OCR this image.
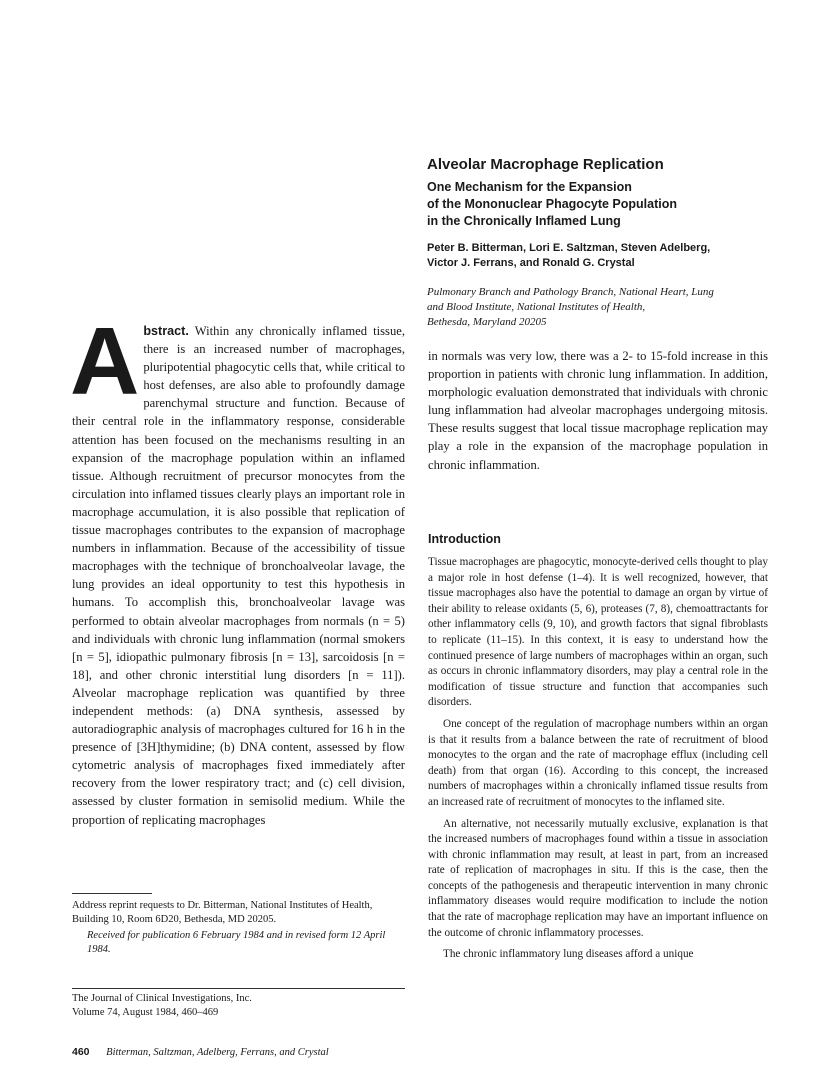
Alveolar Macrophage Replication
One Mechanism for the Expansion
of the Mononuclear Phagocyte Population
in the Chronically Inflamed Lung
Peter B. Bitterman, Lori E. Saltzman, Steven Adelberg,
Victor J. Ferrans, and Ronald G. Crystal
Pulmonary Branch and Pathology Branch, National Heart, Lung
and Blood Institute, National Institutes of Health,
Bethesda, Maryland 20205
Abstract. Within any chronically inflamed tissue, there is an increased number of macrophages, pluripotential phagocytic cells that, while critical to host defenses, are also able to profoundly damage parenchymal structure and function. Because of their central role in the inflammatory response, considerable attention has been focused on the mechanisms resulting in an expansion of the macrophage population within an inflamed tissue. Although recruitment of precursor monocytes from the circulation into inflamed tissues clearly plays an important role in macrophage accumulation, it is also possible that replication of tissue macrophages contributes to the expansion of macrophage numbers in inflammation. Because of the accessibility of tissue macrophages with the technique of bronchoalveolar lavage, the lung provides an ideal opportunity to test this hypothesis in humans. To accomplish this, bronchoalveolar lavage was performed to obtain alveolar macrophages from normals (n = 5) and individuals with chronic lung inflammation (normal smokers [n = 5], idiopathic pulmonary fibrosis [n = 13], sarcoidosis [n = 18], and other chronic interstitial lung disorders [n = 11]). Alveolar macrophage replication was quantified by three independent methods: (a) DNA synthesis, assessed by autoradiographic analysis of macrophages cultured for 16 h in the presence of [3H]thymidine; (b) DNA content, assessed by flow cytometric analysis of macrophages fixed immediately after recovery from the lower respiratory tract; and (c) cell division, assessed by cluster formation in semisolid medium. While the proportion of replicating macrophages
in normals was very low, there was a 2- to 15-fold increase in this proportion in patients with chronic lung inflammation. In addition, morphologic evaluation demonstrated that individuals with chronic lung inflammation had alveolar macrophages undergoing mitosis. These results suggest that local tissue macrophage replication may play a role in the expansion of the macrophage population in chronic inflammation.
Introduction

Tissue macrophages are phagocytic, monocyte-derived cells thought to play a major role in host defense (1–4). It is well recognized, however, that tissue macrophages also have the potential to damage an organ by virtue of their ability to release oxidants (5, 6), proteases (7, 8), chemoattractants for other inflammatory cells (9, 10), and growth factors that signal fibroblasts to replicate (11–15). In this context, it is easy to understand how the continued presence of large numbers of macrophages within an organ, such as occurs in chronic inflammatory disorders, may play a central role in the modification of tissue structure and function that accompanies such disorders.

One concept of the regulation of macrophage numbers within an organ is that it results from a balance between the rate of recruitment of blood monocytes to the organ and the rate of macrophage efflux (including cell death) from that organ (16). According to this concept, the increased numbers of macrophages within a chronically inflamed tissue results from an increased rate of recruitment of monocytes to the inflamed site.

An alternative, not necessarily mutually exclusive, explanation is that the increased numbers of macrophages found within a tissue in association with chronic inflammation may result, at least in part, from an increased rate of replication of macrophages in situ. If this is the case, then the concepts of the pathogenesis and therapeutic intervention in many chronic inflammatory diseases would require modification to include the notion that the rate of macrophage replication may have an important influence on the outcome of chronic inflammatory processes.

The chronic inflammatory lung diseases afford a unique

Address reprint requests to Dr. Bitterman, National Institutes of Health, Building 10, Room 6D20, Bethesda, MD 20205.
Received for publication 6 February 1984 and in revised form 12 April 1984.
The Journal of Clinical Investigations, Inc.
Volume 74, August 1984, 460–469
460 Bitterman, Saltzman, Adelberg, Ferrans, and Crystal
